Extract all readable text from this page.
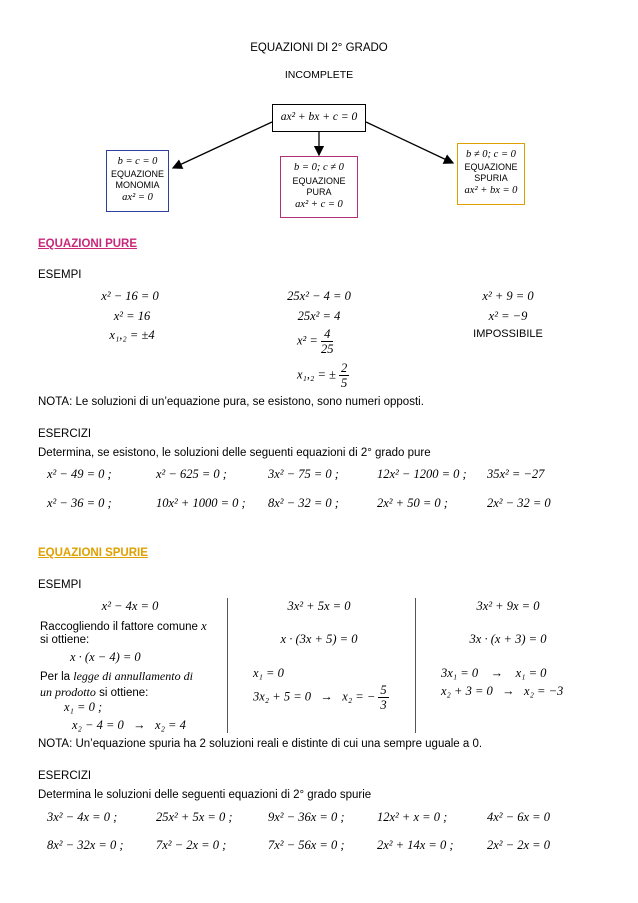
EQUAZIONI DI 2° GRADO
INCOMPLETE
ax² + bx + c = 0
b = c = 0
EQUAZIONE
MONOMIA
ax² = 0
b = 0; c ≠ 0
EQUAZIONE
PURA
ax² + c = 0
b ≠ 0; c = 0
EQUAZIONE
SPURIA
ax² + bx = 0
EQUAZIONI PURE
ESEMPI
x² − 16 = 0
x² = 16
x₁,₂ = ±4
25x² − 4 = 0
25x² = 4
$x^2 = \frac{4}{25}$
x₁,₂ = ± $\frac{2}{5}$
x² + 9 = 0
x² = −9
IMPOSSIBILE
NOTA: Le soluzioni di un’equazione pura, se esistono, sono numeri opposti.
ESERCIZI
Determina, se esistono, le soluzioni delle seguenti equazioni di 2° grado pure
x² − 49 = 0 ;	x² − 625 = 0 ;	3x² − 75 = 0 ;	12x² − 1200 = 0 ; 35x² = −27
x² − 36 = 0 ;	10x² + 1000 = 0 ; 8x² − 32 = 0 ;	2x² + 50 = 0 ;	2x² − 32 = 0
EQUAZIONI SPURIE
ESEMPI
x² − 4x = 0
Raccogliendo il fattore comune x
si ottiene:
x · (x − 4) = 0
Per la legge di annullamento di
un prodotto si ottiene:
x₁ = 0 ;
x₂ − 4 = 0 → x₂ = 4
3x² + 5x = 0
x · (3x + 5) = 0
x₁ = 0
3x₂ + 5 = 0 → x₂ = − $\frac{5}{3}$
3x² + 9x = 0
3x · (x + 3) = 0
3x₁ = 0 → x₁ = 0
x₂ + 3 = 0 → x₂ = −3
NOTA: Un’equazione spuria ha 2 soluzioni reali e distinte di cui una sempre uguale a 0.
ESERCIZI
Determina le soluzioni delle seguenti equazioni di 2° grado spurie
3x² − 4x = 0 ;	25x² + 5x = 0 ;	9x² − 36x = 0 ;	12x² + x = 0 ;	4x² − 6x = 0
8x² − 32x = 0 ;	7x² − 2x = 0 ;	7x² − 56x = 0 ;	2x² + 14x = 0 ;	2x² − 2x = 0
